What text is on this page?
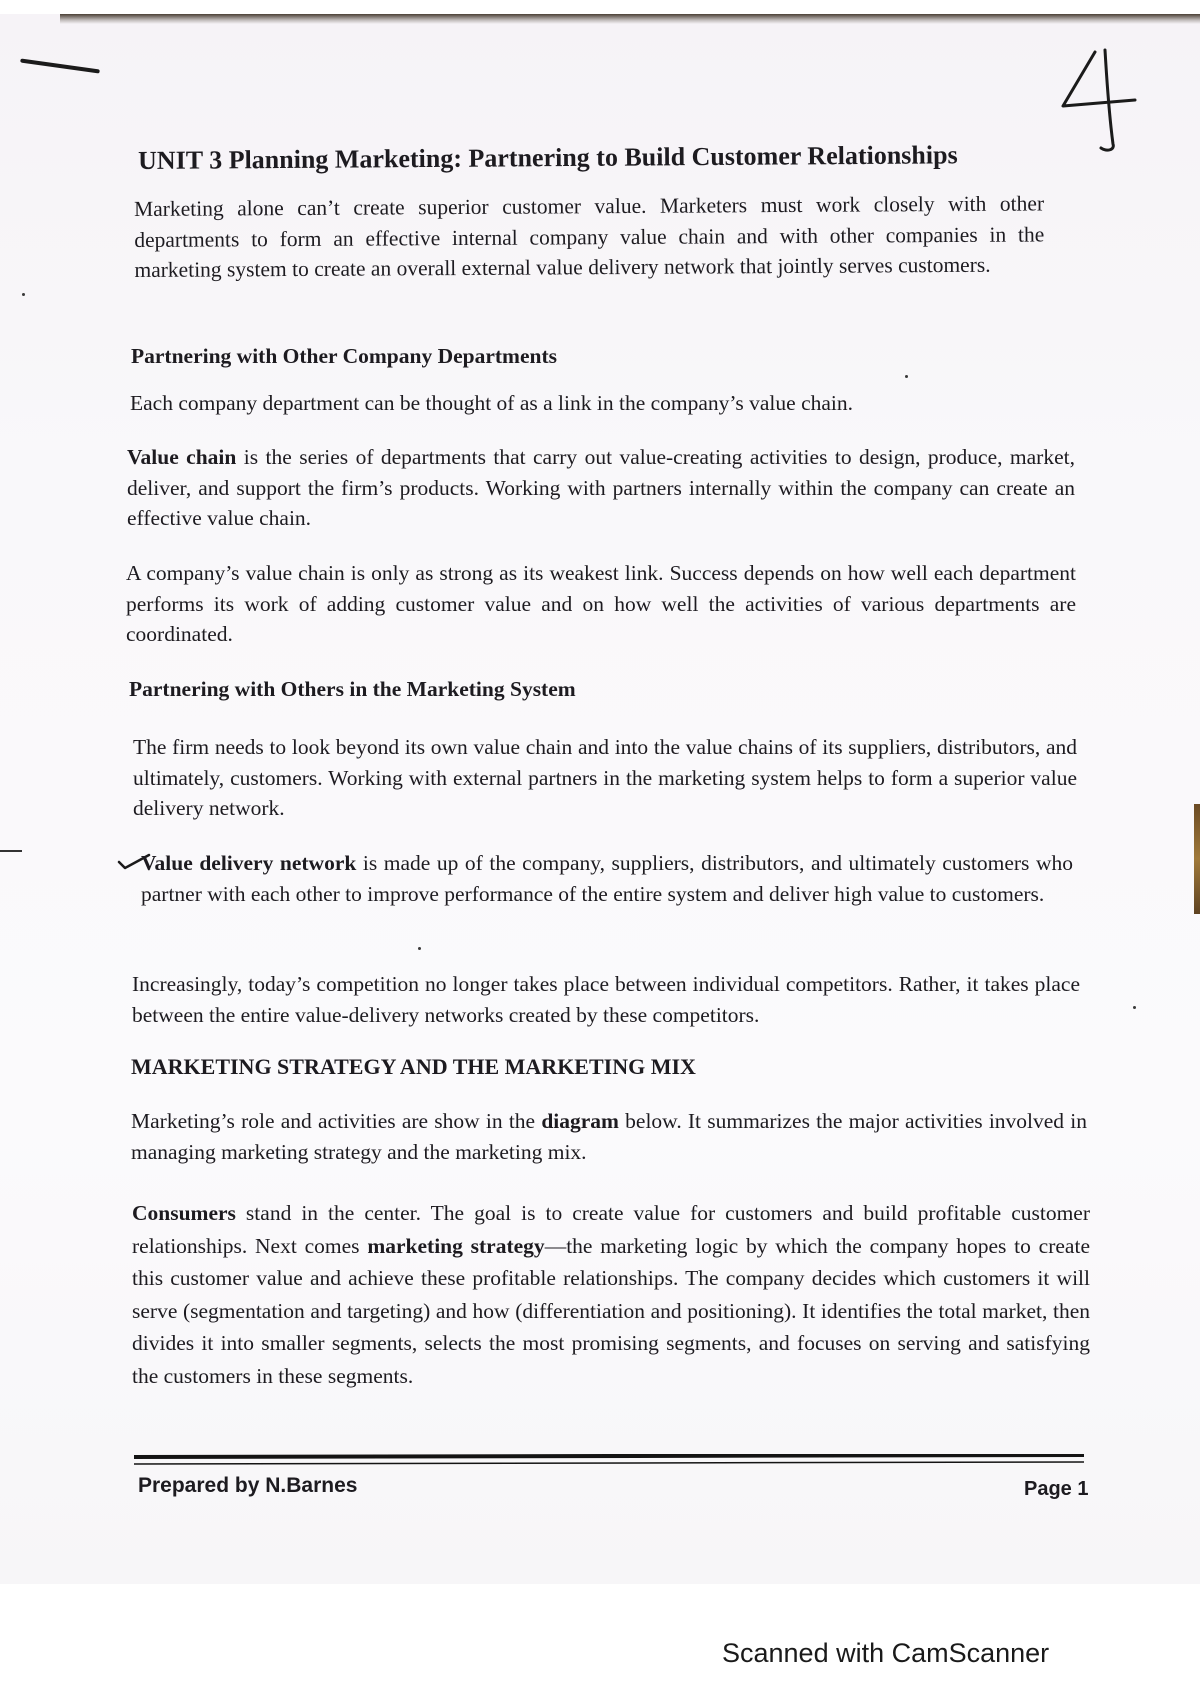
UNIT 3 Planning Marketing: Partnering to Build Customer Relationships

Marketing alone can’t create superior customer value. Marketers must work closely with other departments to form an effective internal company value chain and with other companies in the marketing system to create an overall external value delivery network that jointly serves customers.

Partnering with Other Company Departments

Each company department can be thought of as a link in the company’s value chain.

Value chain is the series of departments that carry out value-creating activities to design, produce, market, deliver, and support the firm’s products. Working with partners internally within the company can create an effective value chain.

A company’s value chain is only as strong as its weakest link. Success depends on how well each department performs its work of adding customer value and on how well the activities of various departments are coordinated.

Partnering with Others in the Marketing System

The firm needs to look beyond its own value chain and into the value chains of its suppliers, distributors, and ultimately, customers. Working with external partners in the marketing system helps to form a superior value delivery network.

Value delivery network is made up of the company, suppliers, distributors, and ultimately customers who partner with each other to improve performance of the entire system and deliver high value to customers.

Increasingly, today’s competition no longer takes place between individual competitors. Rather, it takes place between the entire value-delivery networks created by these competitors.

MARKETING STRATEGY AND THE MARKETING MIX

Marketing’s role and activities are show in the diagram below. It summarizes the major activities involved in managing marketing strategy and the marketing mix.

Consumers stand in the center. The goal is to create value for customers and build profitable customer relationships. Next comes marketing strategy—the marketing logic by which the company hopes to create this customer value and achieve these profitable relationships. The company decides which customers it will serve (segmentation and targeting) and how (differentiation and positioning). It identifies the total market, then divides it into smaller segments, selects the most promising segments, and focuses on serving and satisfying the customers in these segments.

Prepared by N.Barnes	Page 1

Scanned with CamScanner
